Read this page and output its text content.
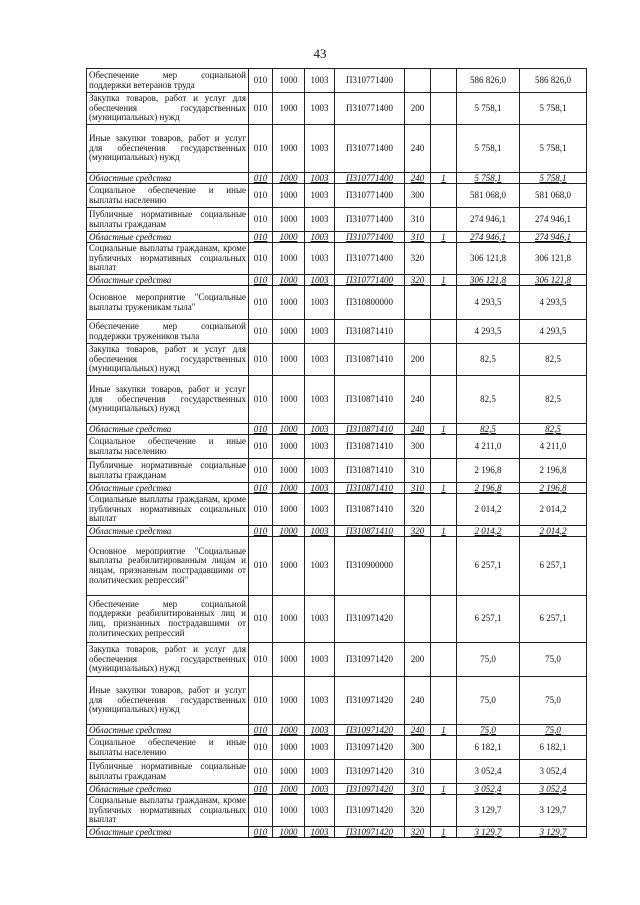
43
Обеспечение мер социальной поддержки ветеранов труда	010	1000	1003	П310771400			586 826,0	586 826,0
Закупка товаров, работ и услуг для обеспечения государственных (муниципальных) нужд	010	1000	1003	П310771400	200		5 758,1	5 758,1
Иные закупки товаров, работ и услуг для обеспечения государственных (муниципальных) нужд	010	1000	1003	П310771400	240		5 758,1	5 758,1
Областные средства	010	1000	1003	П310771400	240	1	5 758,1	5 758,1
Социальное обеспечение и иные выплаты населению	010	1000	1003	П310771400	300		581 068,0	581 068,0
Публичные нормативные социальные выплаты гражданам	010	1000	1003	П310771400	310		274 946,1	274 946,1
Областные средства	010	1000	1003	П310771400	310	1	274 946,1	274 946,1
Социальные выплаты гражданам, кроме публичных нормативных социальных выплат	010	1000	1003	П310771400	320		306 121,8	306 121,8
Областные средства	010	1000	1003	П310771400	320	1	306 121,8	306 121,8
Основное мероприятие "Социальные выплаты труженикам тыла"	010	1000	1003	П310800000			4 293,5	4 293,5
Обеспечение мер социальной поддержки тружеников тыла	010	1000	1003	П310871410			4 293,5	4 293,5
Закупка товаров, работ и услуг для обеспечения государственных (муниципальных) нужд	010	1000	1003	П310871410	200		82,5	82,5
Иные закупки товаров, работ и услуг для обеспечения государственных (муниципальных) нужд	010	1000	1003	П310871410	240		82,5	82,5
Областные средства	010	1000	1003	П310871410	240	1	82,5	82,5
Социальное обеспечение и иные выплаты населению	010	1000	1003	П310871410	300		4 211,0	4 211,0
Публичные нормативные социальные выплаты гражданам	010	1000	1003	П310871410	310		2 196,8	2 196,8
Областные средства	010	1000	1003	П310871410	310	1	2 196,8	2 196,8
Социальные выплаты гражданам, кроме публичных нормативных социальных выплат	010	1000	1003	П310871410	320		2 014,2	2 014,2
Областные средства	010	1000	1003	П310871410	320	1	2 014,2	2 014,2
Основное мероприятие "Социальные выплаты реабилитированным лицам и лицам, признанным пострадавшими от политических репрессий"	010	1000	1003	П310900000			6 257,1	6 257,1
Обеспечение мер социальной поддержки реабилитированных лиц и лиц, признанных пострадавшими от политических репрессий	010	1000	1003	П310971420			6 257,1	6 257,1
Закупка товаров, работ и услуг для обеспечения государственных (муниципальных) нужд	010	1000	1003	П310971420	200		75,0	75,0
Иные закупки товаров, работ и услуг для обеспечения государственных (муниципальных) нужд	010	1000	1003	П310971420	240		75,0	75,0
Областные средства	010	1000	1003	П310971420	240	1	75,0	75,0
Социальное обеспечение и иные выплаты населению	010	1000	1003	П310971420	300		6 182,1	6 182,1
Публичные нормативные социальные выплаты гражданам	010	1000	1003	П310971420	310		3 052,4	3 052,4
Областные средства	010	1000	1003	П310971420	310	1	3 052,4	3 052,4
Социальные выплаты гражданам, кроме публичных нормативных социальных выплат	010	1000	1003	П310971420	320		3 129,7	3 129,7
Областные средства	010	1000	1003	П310971420	320	1	3 129,7	3 129,7
